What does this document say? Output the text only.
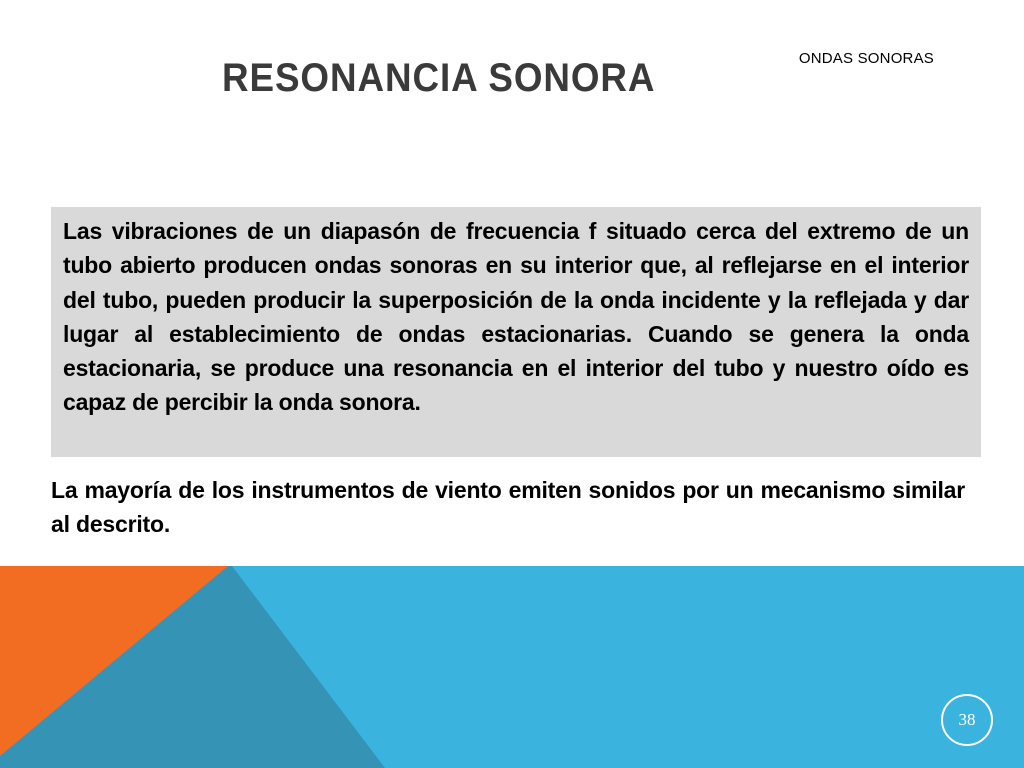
ONDAS SONORAS
RESONANCIA SONORA

Las vibraciones de un diapasón de frecuencia f situado cerca del extremo de un tubo abierto producen ondas sonoras en su interior que, al reflejarse en el interior del tubo, pueden producir la superposición de la onda incidente y la reflejada y dar lugar al establecimiento de ondas estacionarias. Cuando se genera la onda estacionaria, se produce una resonancia en el interior del tubo y nuestro oído es capaz de percibir la onda sonora.

La mayoría de los instrumentos de viento emiten sonidos por un mecanismo similar al descrito.

38
